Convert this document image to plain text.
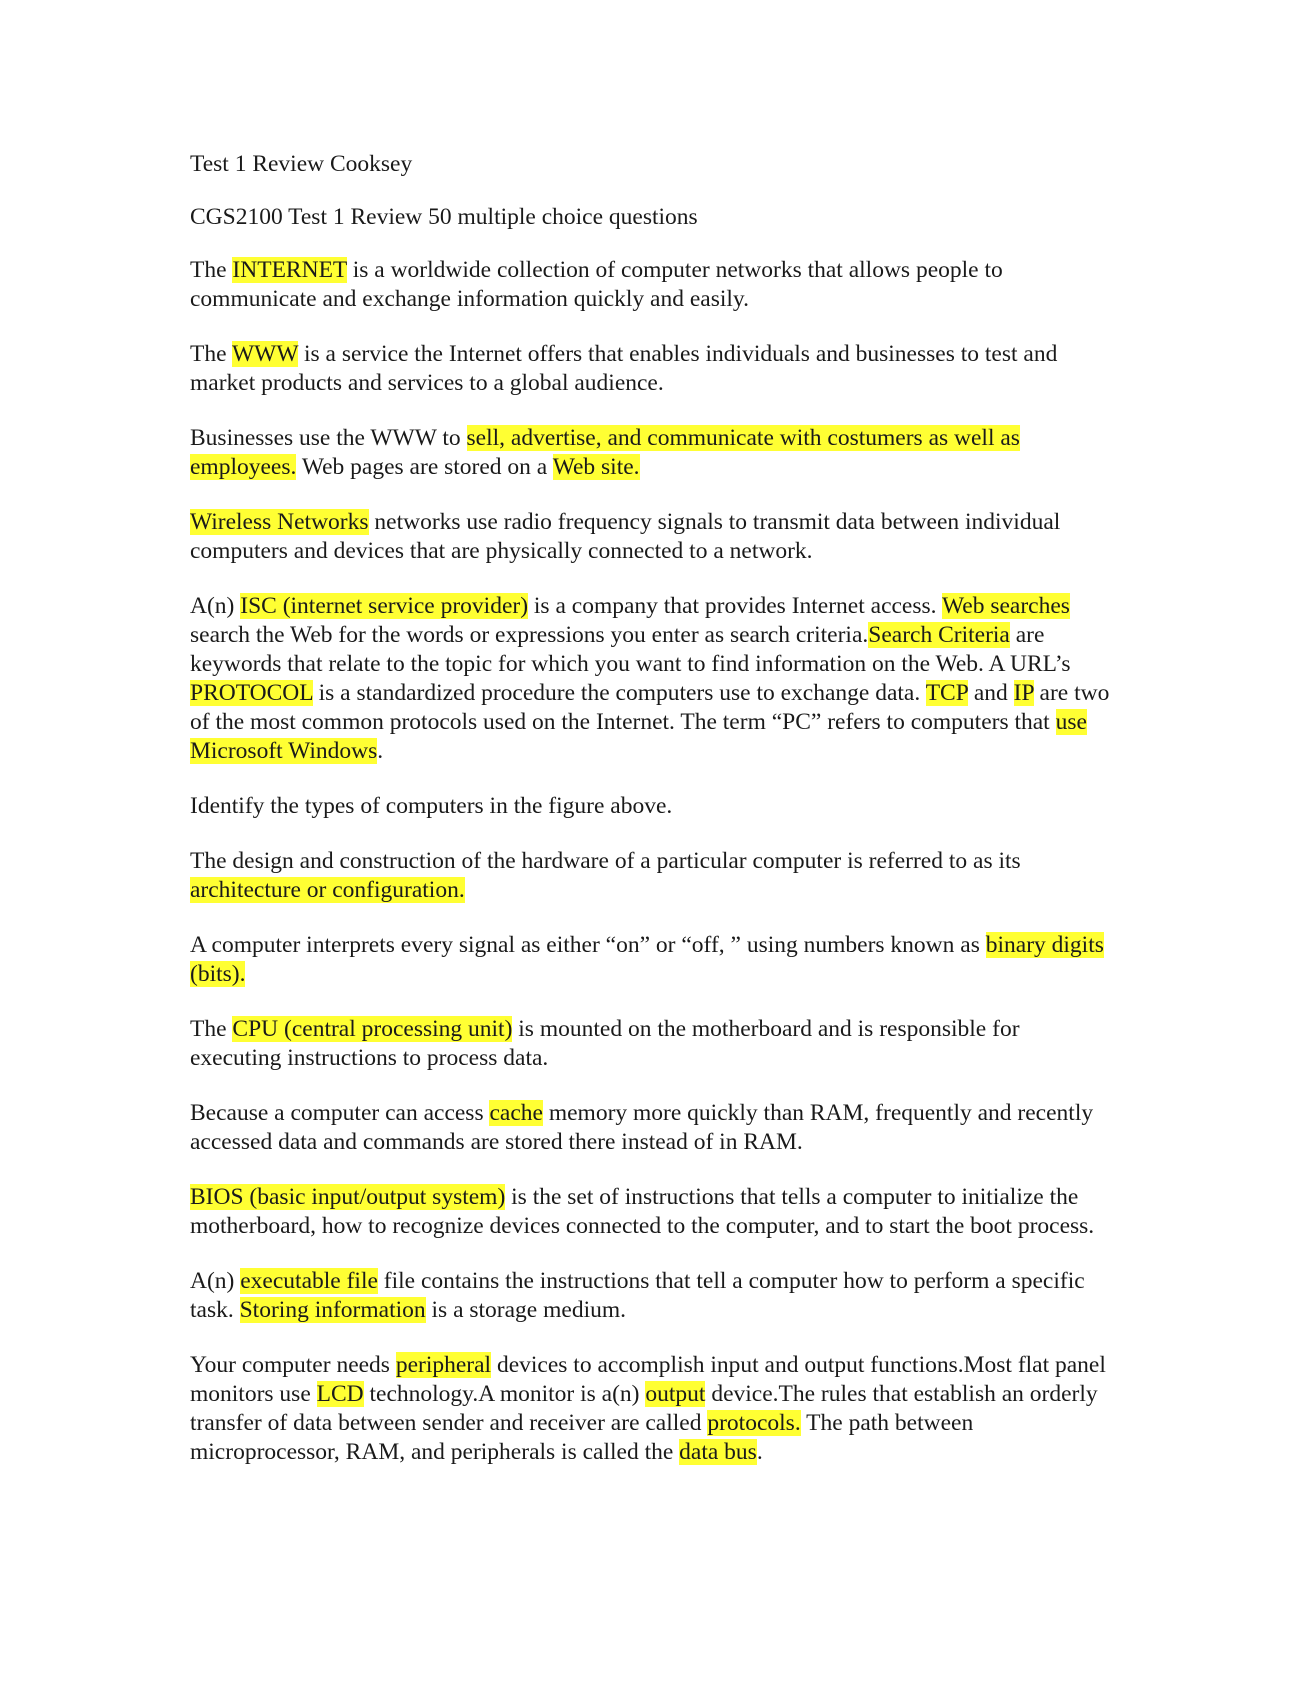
Test 1 Review Cooksey

CGS2100 Test 1 Review 50 multiple choice questions

The INTERNET is a worldwide collection of computer networks that allows people to communicate and exchange information quickly and easily.

The WWW is a service the Internet offers that enables individuals and businesses to test and market products and services to a global audience.

Businesses use the WWW to sell, advertise, and communicate with costumers as well as employees. Web pages are stored on a Web site.

Wireless Networks networks use radio frequency signals to transmit data between individual computers and devices that are physically connected to a network.

A(n) ISC (internet service provider) is a company that provides Internet access. Web searches search the Web for the words or expressions you enter as search criteria.Search Criteria are keywords that relate to the topic for which you want to find information on the Web. A URL’s PROTOCOL is a standardized procedure the computers use to exchange data. TCP and IP are two of the most common protocols used on the Internet. The term “PC” refers to computers that use Microsoft Windows.

Identify the types of computers in the figure above.

The design and construction of the hardware of a particular computer is referred to as its architecture or configuration.

A computer interprets every signal as either “on” or “off, ” using numbers known as binary digits (bits).

The CPU (central processing unit) is mounted on the motherboard and is responsible for executing instructions to process data.

Because a computer can access cache memory more quickly than RAM, frequently and recently accessed data and commands are stored there instead of in RAM.

BIOS (basic input/output system) is the set of instructions that tells a computer to initialize the motherboard, how to recognize devices connected to the computer, and to start the boot process.

A(n) executable file file contains the instructions that tell a computer how to perform a specific task. Storing information is a storage medium.

Your computer needs peripheral devices to accomplish input and output functions.Most flat panel monitors use LCD technology.A monitor is a(n) output device.The rules that establish an orderly transfer of data between sender and receiver are called protocols. The path between microprocessor, RAM, and peripherals is called the data bus.
